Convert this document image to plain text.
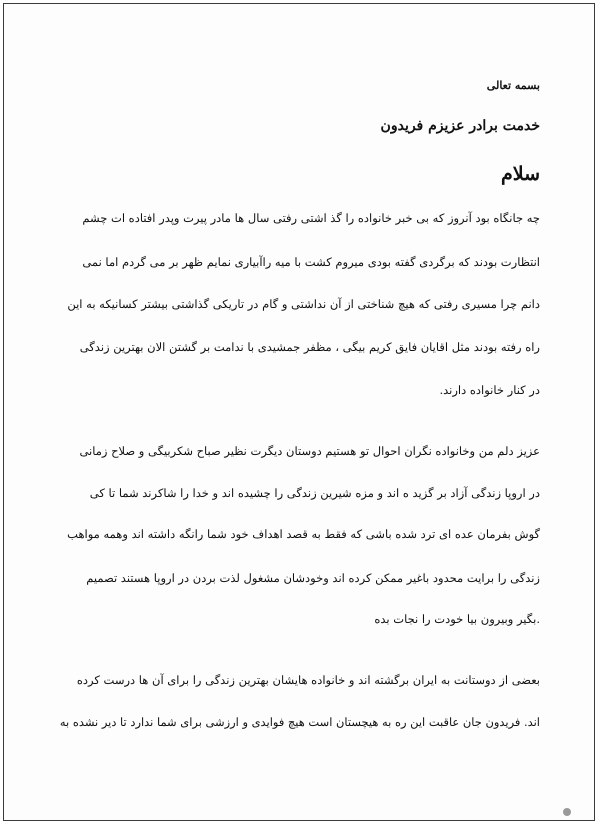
بسمه تعالی
خدمت برادر عزیزم فریدون
سلام
چه جانگاه بود آنروز که بی خبر خانواده را گذ اشتی رفتی سال ها مادر پیرت وپدر افتاده ات چشم
انتظارت بودند که برگردی گفته بودی میروم کشت با میه راآبیاری نمایم ظهر بر می گردم اما نمی
دانم چرا مسیری رفتی که هیچ شناختی از آن نداشتی و گام در تاریکی گذاشتی بیشتر کسانیکه به این
راه رفته بودند مثل اقایان فایق کریم بیگی ، مظفر جمشیدی با ندامت بر گشتن الان بهترین زندگی
در کنار خانواده دارند.
عزیز دلم من وخانواده نگران احوال تو هستیم دوستان دیگرت نظیر صباح شکربیگی و صلاح زمانی
در اروپا زندگی آزاد بر گزید ه اند و مزه شیرین زندگی را چشیده اند و خدا را شاکرند شما تا کی
گوش بفرمان عده ای ترد شده باشی که فقط به قصد اهداف خود شما رانگه داشته اند وهمه مواهب
زندگی را برایت محدود باغیر ممکن کرده اند وخودشان مشغول لذت بردن در اروپا هستند تصمیم
.بگیر وبیرون بیا خودت را نجات بده
بعضی از دوستانت به ایران برگشته اند و خانواده هایشان بهترین زندگی را برای آن ها درست کرده
اند. فریدون جان عاقبت این ره به هیچستان است هیچ فوایدی و ارزشی برای شما ندارد تا دیر نشده به
